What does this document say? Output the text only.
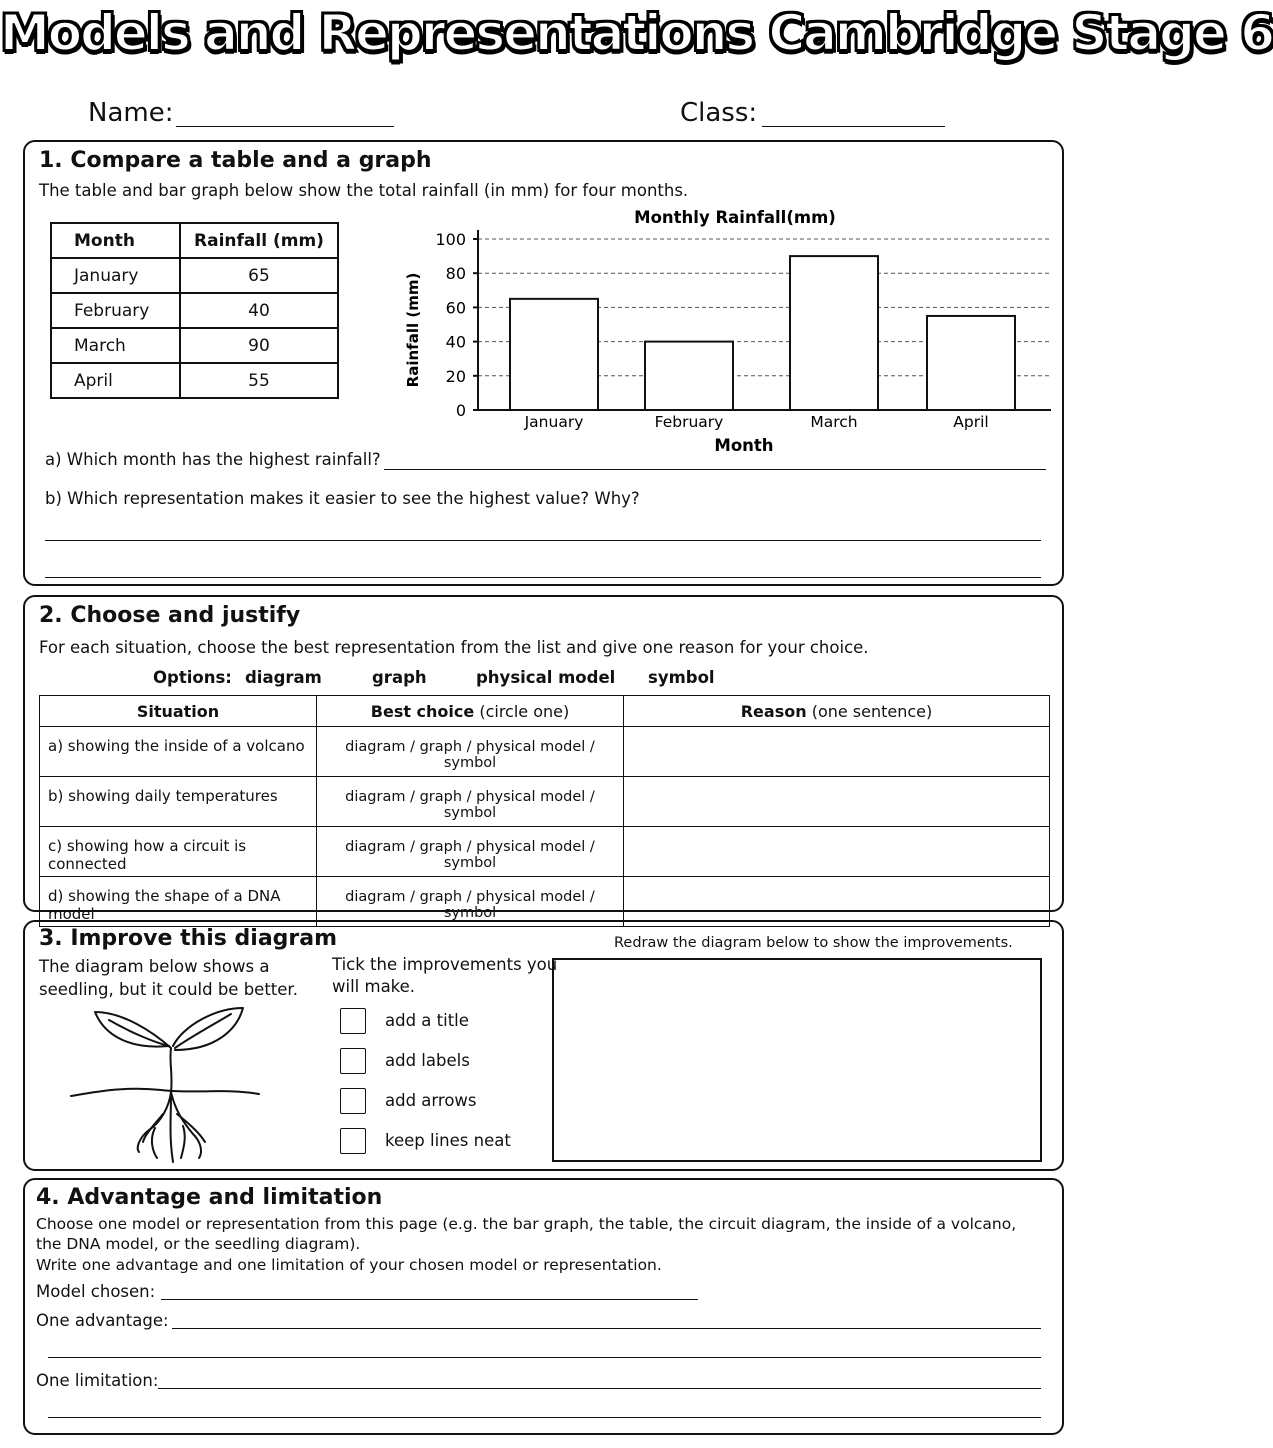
Models and Representations Cambridge Stage 6
Name:	Class:
1. Compare a table and a graph
The table and bar graph below show the total rainfall (in mm) for four months.
Month	Rainfall (mm)
January	65
February	40
March	90
April	55
Monthly Rainfall(mm)
Rainfall (mm)
Month
0
20
40
60
80
100
January	February	March	April
a) Which month has the highest rainfall?
b) Which representation makes it easier to see the highest value? Why?
2. Choose and justify
For each situation, choose the best representation from the list and give one reason for your choice.
Options: diagram	graph	physical model symbol
Situation	Best choice (circle one)	Reason (one sentence)
a) showing the inside of a volcano	diagram / graph / physical model / symbol	
b) showing daily temperatures	diagram / graph / physical model / symbol	
c) showing how a circuit is connected	diagram / graph / physical model / symbol	
d) showing the shape of a DNA model	diagram / graph / physical model / symbol	
3. Improve this diagram
The diagram below shows a
seedling, but it could be better.
Tick the improvements you
will make.
add a title
add labels
add arrows
keep lines neat
Redraw the diagram below to show the improvements.
4. Advantage and limitation
Choose one model or representation from this page (e.g. the bar graph, the table, the circuit diagram, the inside of a volcano,
the DNA model, or the seedling diagram).
Write one advantage and one limitation of your chosen model or representation.
Model chosen:
One advantage:
One limitation:
